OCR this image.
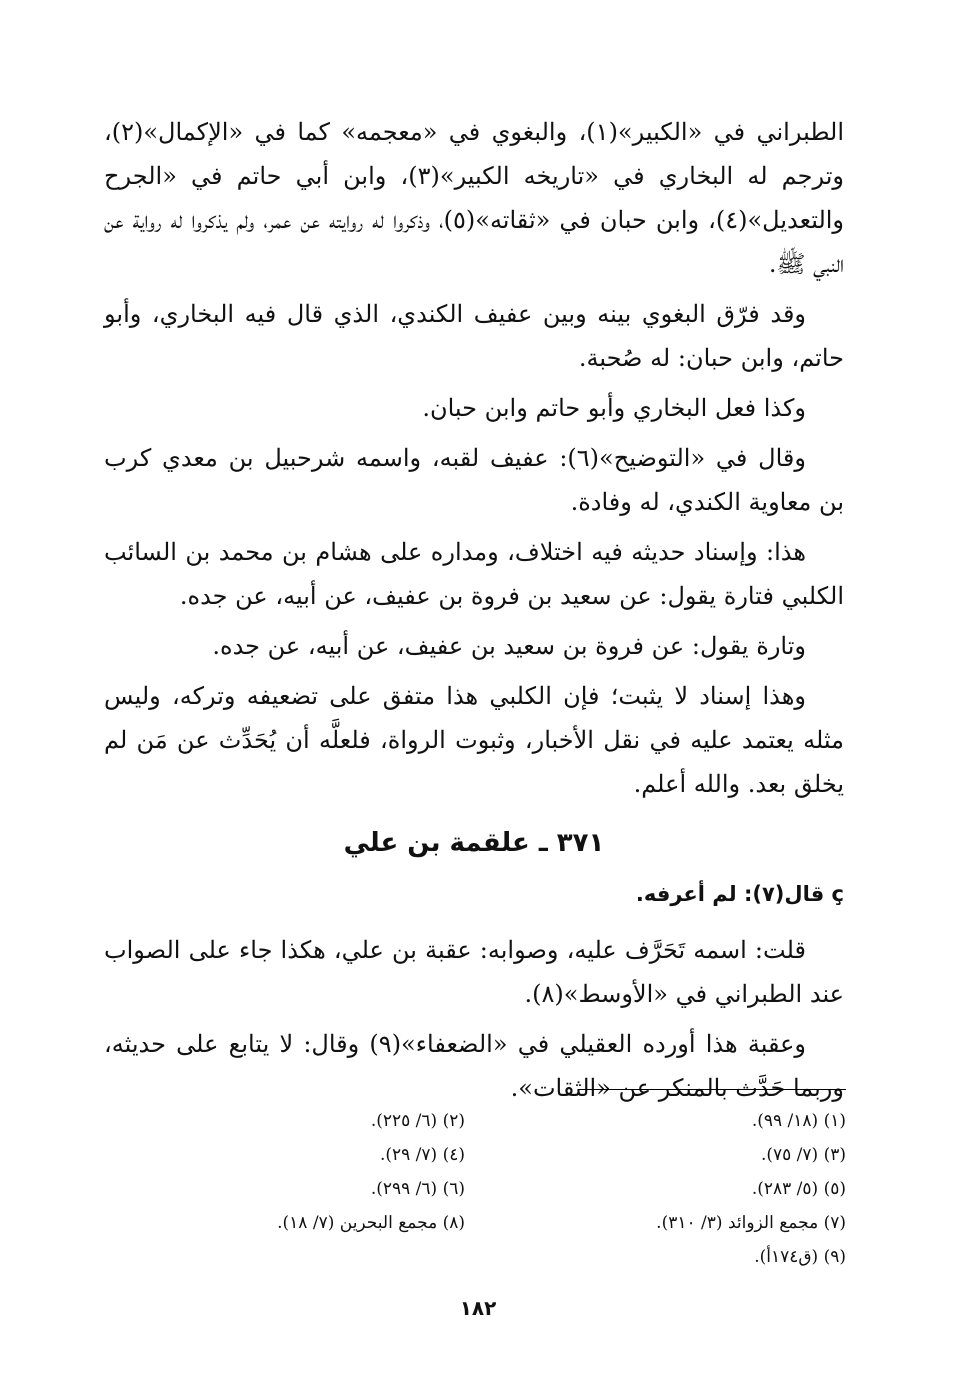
الطبراني في «الكبير»(١)، والبغوي في «معجمه» كما في «الإكمال»(٢)، وترجم له البخاري في «تاريخه الكبير»(٣)، وابن أبي حاتم في «الجرح والتعديل»(٤)، وابن حبان في «ثقاته»(٥)، وذكروا له روايته عن عمر، ولم يذكروا له رواية عن النبي ﷺ.

وقد فرّق البغوي بينه وبين عفيف الكندي، الذي قال فيه البخاري، وأبو حاتم، وابن حبان: له صُحبة.

وكذا فعل البخاري وأبو حاتم وابن حبان.

وقال في «التوضيح»(٦): عفيف لقبه، واسمه شرحبيل بن معدي كرب بن معاوية الكندي، له وفادة.

هذا: وإسناد حديثه فيه اختلاف، ومداره على هشام بن محمد بن السائب الكلبي فتارة يقول: عن سعيد بن فروة بن عفيف، عن أبيه، عن جده.

وتارة يقول: عن فروة بن سعيد بن عفيف، عن أبيه، عن جده.

وهذا إسناد لا يثبت؛ فإن الكلبي هذا متفق على تضعيفه وتركه، وليس مثله يعتمد عليه في نقل الأخبار، وثبوت الرواة، فلعلَّه أن يُحَدِّث عن مَن لم يخلق بعد. والله أعلم.

٣٧١ ـ علقمة بن علي
ç قال(٧): لم أعرفه.

قلت: اسمه تَحَرَّف عليه، وصوابه: عقبة بن علي، هكذا جاء على الصواب عند الطبراني في «الأوسط»(٨).

وعقبة هذا أورده العقيلي في «الضعفاء»(٩) وقال: لا يتابع على حديثه، وربما حَدَّث بالمنكر عن «الثقات».

(١) (١٨/ ٩٩).
(٢) (٦/ ٢٢٥).
(٣) (٧/ ٧٥).
(٤) (٧/ ٢٩).
(٥) (٥/ ٢٨٣).
(٦) (٦/ ٢٩٩).
(٧) مجمع الزوائد (٣/ ٣١٠).
(٨) مجمع البحرين (٧/ ١٨).
(٩) (ق١٧٤أ).
١٨٢
